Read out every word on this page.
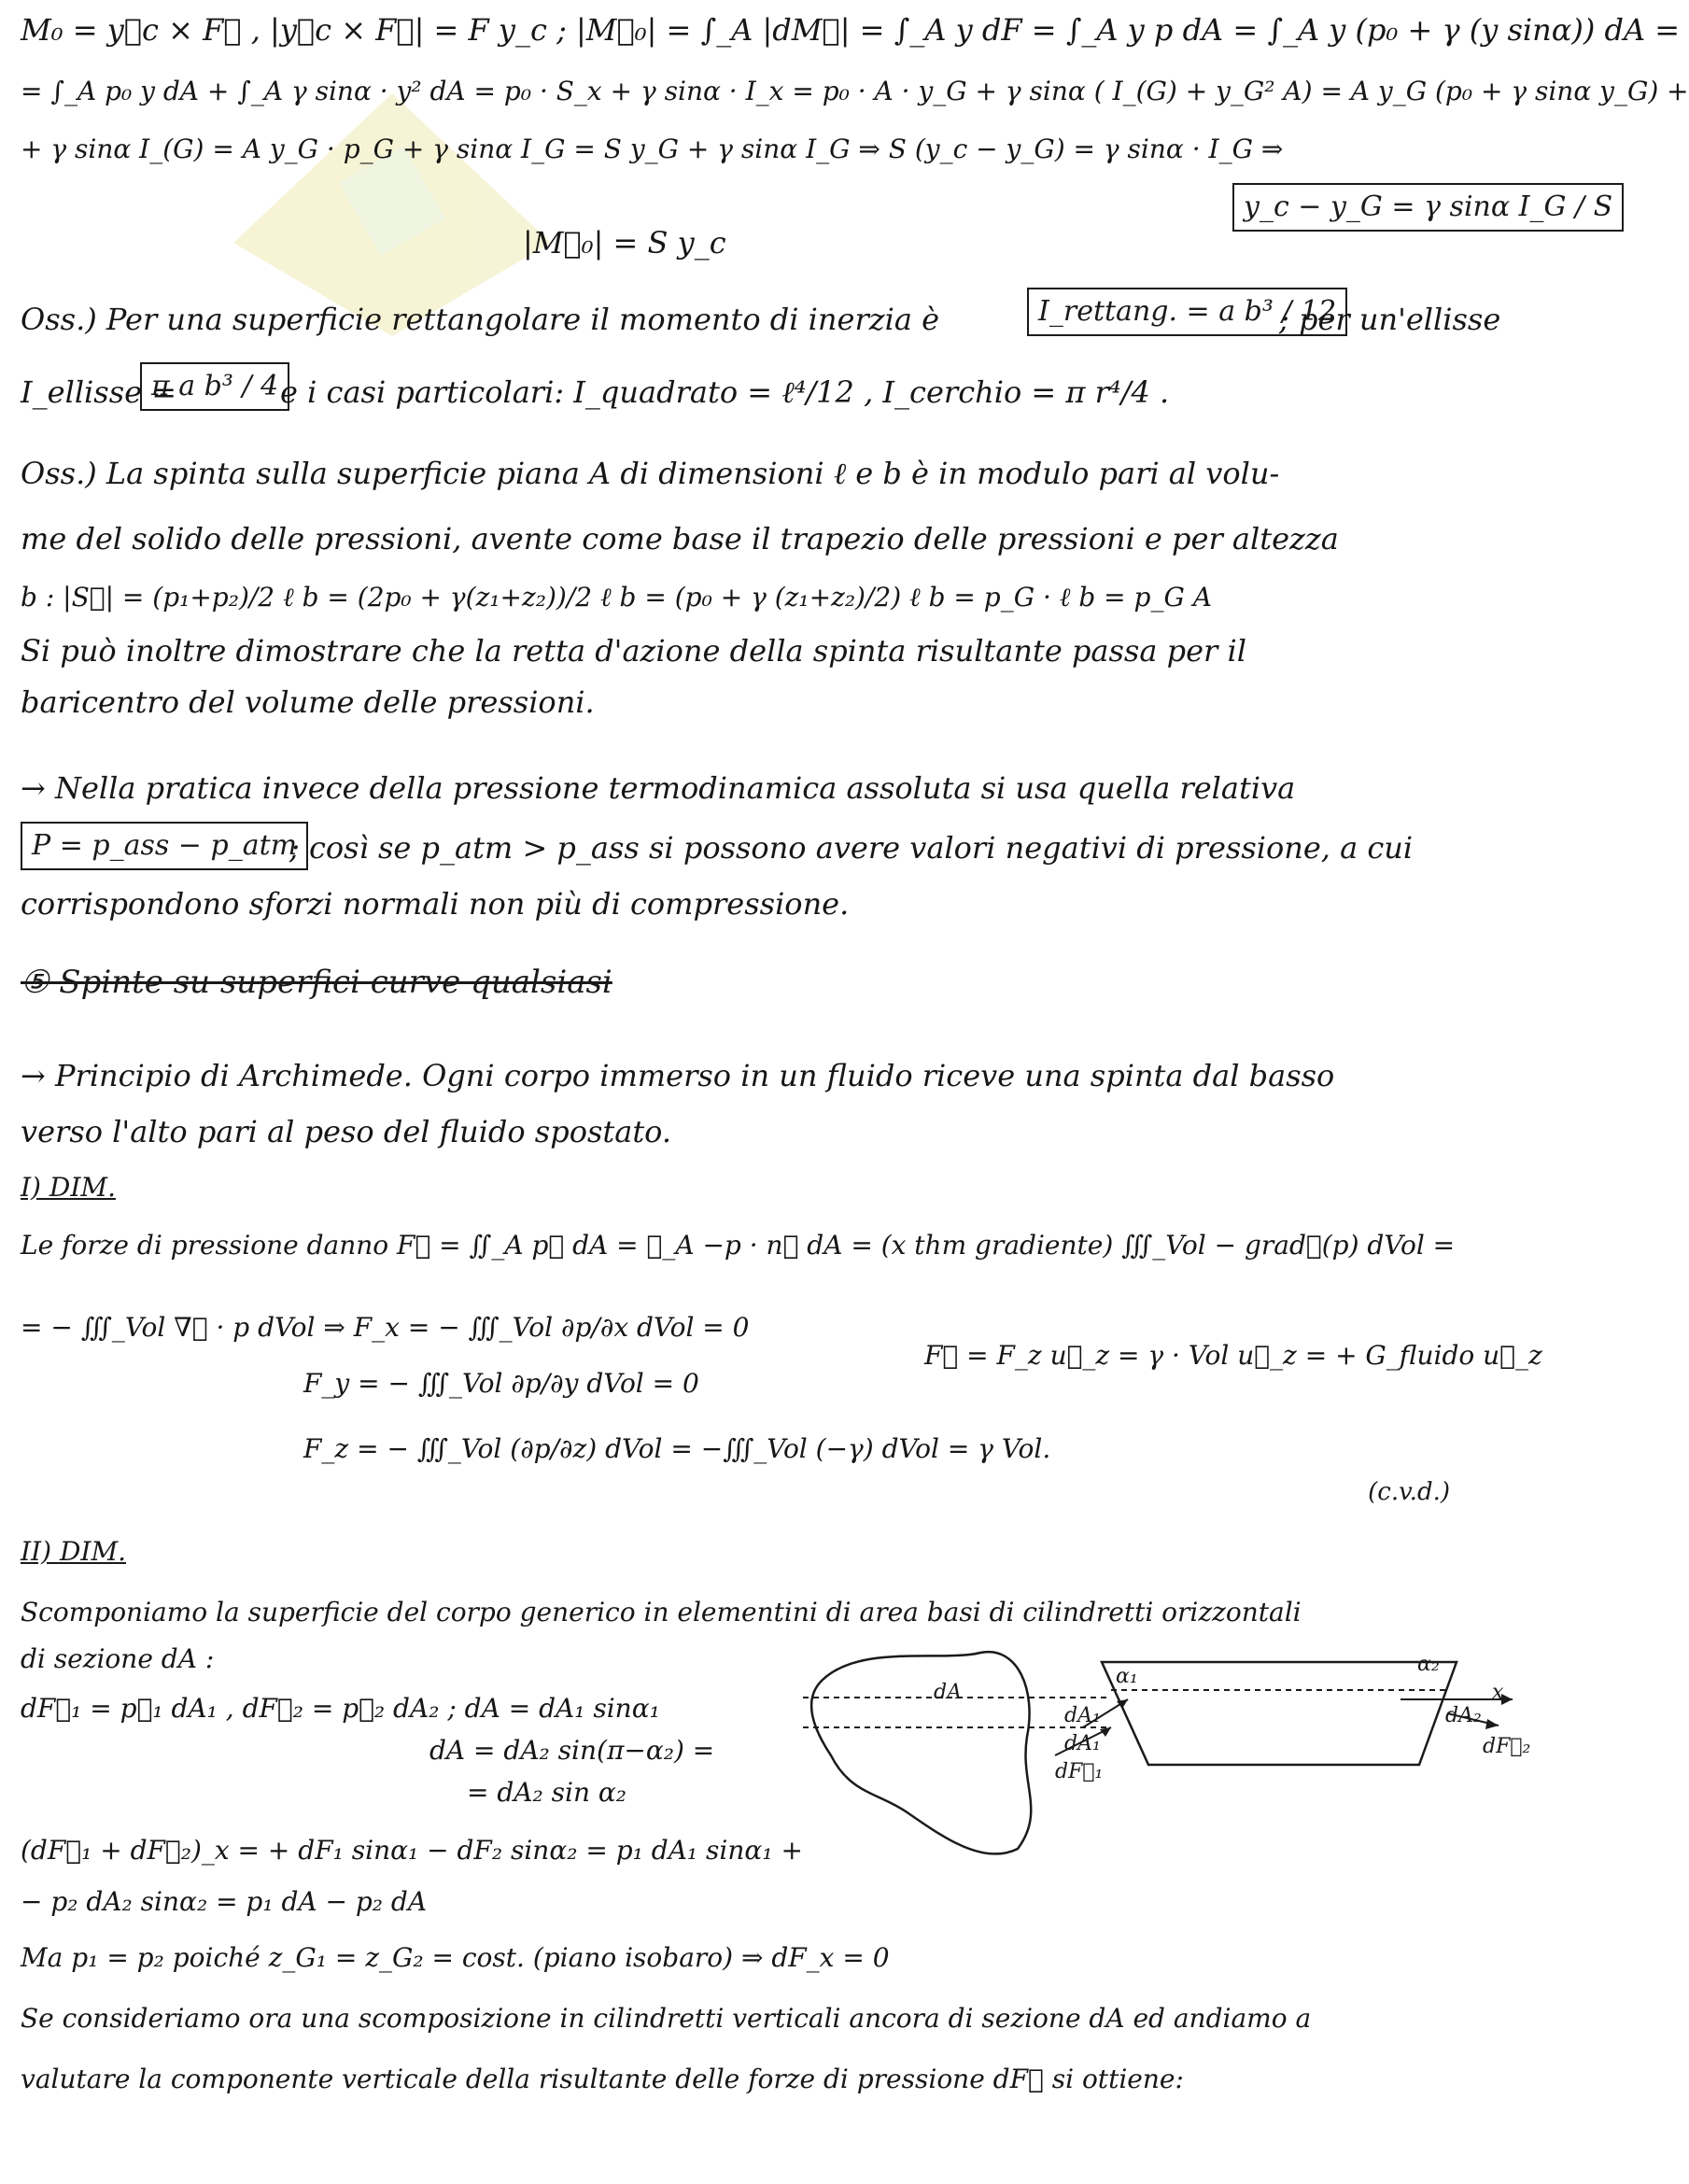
M₀ = y⃗c × F⃗ , |y⃗c × F⃗| = F y_c ; |M⃗₀| = ∫_A |dM⃗| = ∫_A y dF = ∫_A y p dA = ∫_A y (p₀ + γ (y sinα)) dA =
= ∫_A p₀ y dA + ∫_A γ sinα · y² dA = p₀ · S_x + γ sinα · I_x = p₀ · A · y_G + γ sinα ( I_(G) + y_G² A) = A y_G (p₀ + γ sinα y_G) +
+ γ sinα I_(G) = A y_G · p_G + γ sinα I_G = S y_G + γ sinα I_G ⇒ S (y_c − y_G) = γ sinα · I_G ⇒
y_c − y_G = γ sinα I_G / S
|M⃗₀| = S y_c
Oss.) Per una superficie rettangolare il momento di inerzia è	I_rettang. = a b³ / 12
; per un'ellisse
I_ellisse =
π a b³ / 4 e i casi particolari: I_quadrato = ℓ⁴/12 , I_cerchio = π r⁴/4 .
Oss.) La spinta sulla superficie piana A di dimensioni ℓ e b è in modulo pari al volu-
me del solido delle pressioni, avente come base il trapezio delle pressioni e per altezza
b : |S⃗| = (p₁+p₂)/2 ℓ b = (2p₀ + γ(z₁+z₂))/2 ℓ b = (p₀ + γ (z₁+z₂)/2) ℓ b = p_G · ℓ b = p_G A
Si può inoltre dimostrare che la retta d'azione della spinta risultante passa per il
baricentro del volume delle pressioni.
→ Nella pratica invece della pressione termodinamica assoluta si usa quella relativa
P = p_ass − p_atm
; così se p_atm > p_ass si possono avere valori negativi di pressione, a cui
corrispondono sforzi normali non più di compressione.
⑤ Spinte su superfici curve qualsiasi
→ Principio di Archimede. Ogni corpo immerso in un fluido riceve una spinta dal basso
verso l'alto pari al peso del fluido spostato.
I) DIM.
Le forze di pressione danno F⃗ = ∬_A p⃗ dA = ∯_A −p · n⃗ dA = (x thm gradiente) ∭_Vol − grad⃗(p) dVol =
= − ∭_Vol ∇⃗ · p dVol ⇒ F_x = − ∭_Vol ∂p/∂x dVol = 0
F_y = − ∭_Vol ∂p/∂y dVol = 0
F⃗ = F_z u⃗_z = γ · Vol u⃗_z = + G_fluido u⃗_z
F_z = − ∭_Vol (∂p/∂z) dVol = −∭_Vol (−γ) dVol = γ Vol.
(c.v.d.)
II) DIM.
Scomponiamo la superficie del corpo generico in elementini di area basi di cilindretti orizzontali
di sezione dA :
dF⃗₁ = p⃗₁ dA₁ , dF⃗₂ = p⃗₂ dA₂ ; dA = dA₁ sinα₁
dA = dA₂ sin(π−α₂) =
= dA₂ sin α₂
dA
α₁
α₂
dA₁
dA₁
dF⃗₁
dA₂
x
dF⃗₂
(dF⃗₁ + dF⃗₂)_x = + dF₁ sinα₁ − dF₂ sinα₂ = p₁ dA₁ sinα₁ +
− p₂ dA₂ sinα₂ = p₁ dA − p₂ dA
Ma p₁ = p₂ poiché z_G₁ = z_G₂ = cost. (piano isobaro) ⇒ dF_x = 0
Se consideriamo ora una scomposizione in cilindretti verticali ancora di sezione dA ed andiamo a
valutare la componente verticale della risultante delle forze di pressione dF⃗ si ottiene:
